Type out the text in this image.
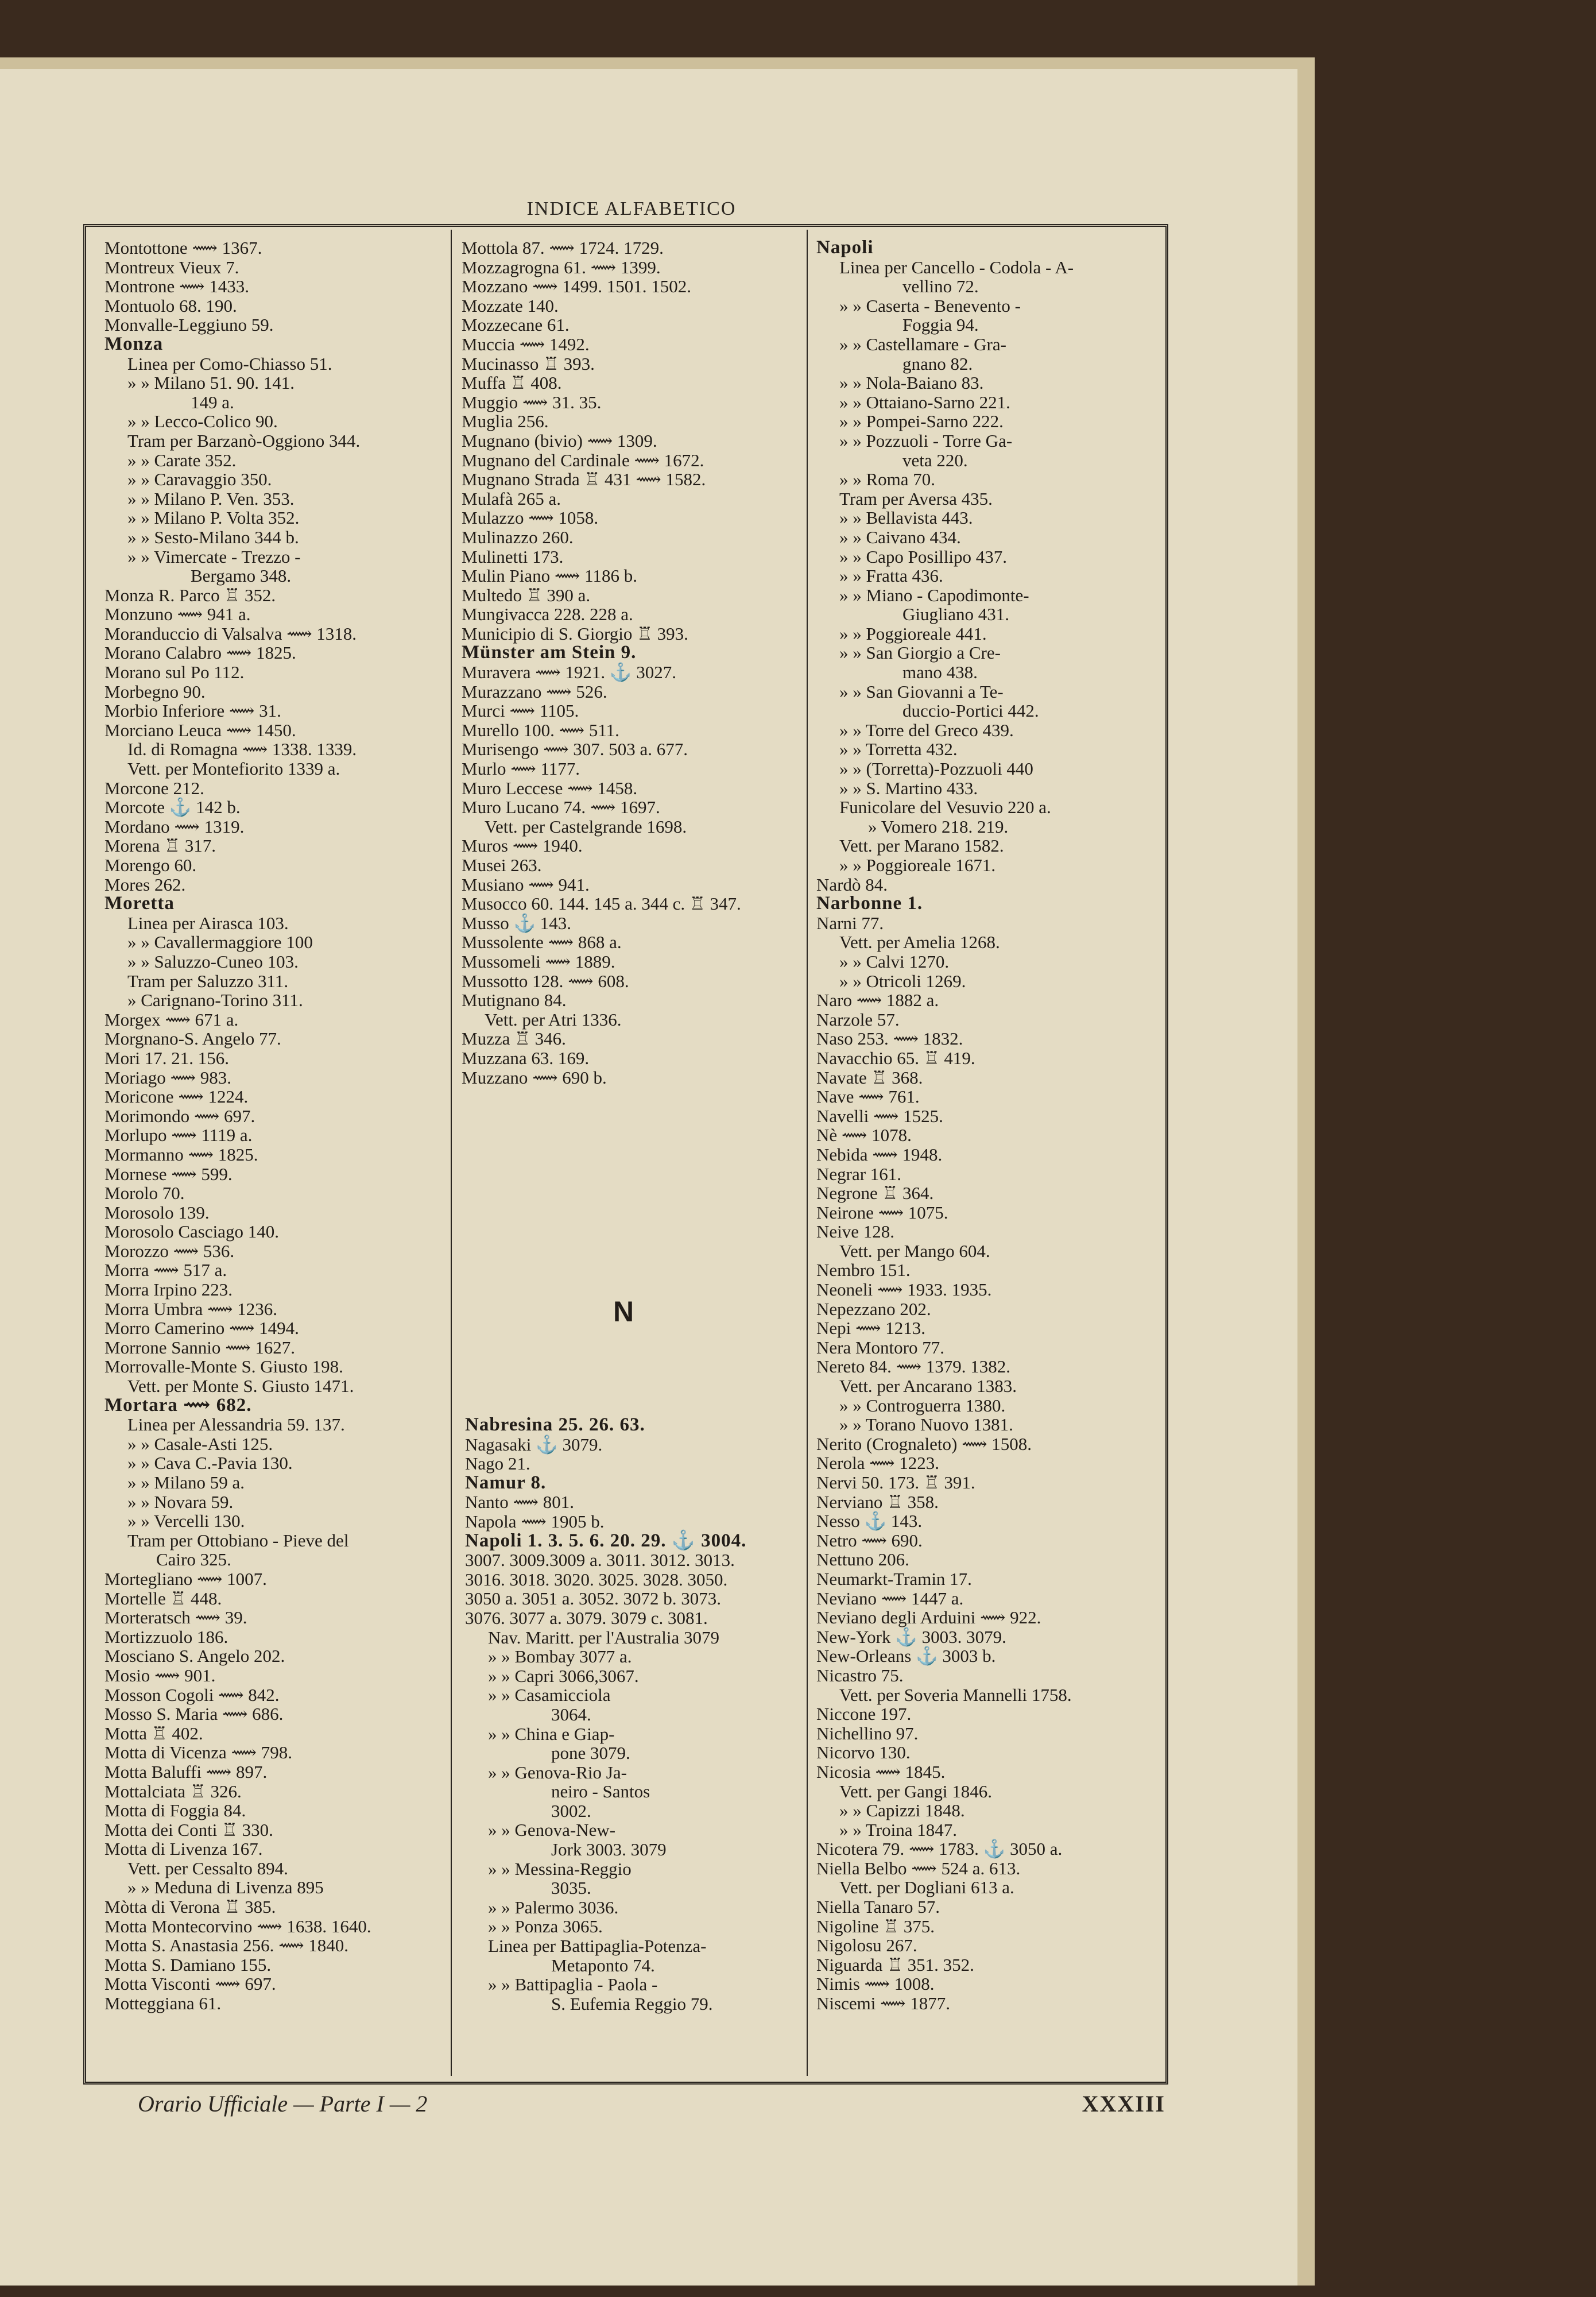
INDICE ALFABETICO
Montottone ⟿ 1367.
Montreux Vieux 7.
Montrone ⟿ 1433.
Montuolo 68. 190.
Monvalle-Leggiuno 59.
Monza
Linea per Como-Chiasso 51.
» » Milano 51. 90. 141.
149 a.
» » Lecco-Colico 90.
Tram per Barzanò-Oggiono 344.
» » Carate 352.
» » Caravaggio 350.
» » Milano P. Ven. 353.
» » Milano P. Volta 352.
» » Sesto-Milano 344 b.
» » Vimercate - Trezzo -
Bergamo 348.
Monza R. Parco ♖ 352.
Monzuno ⟿ 941 a.
Moranduccio di Valsalva ⟿ 1318.
Morano Calabro ⟿ 1825.
Morano sul Po 112.
Morbegno 90.
Morbio Inferiore ⟿ 31.
Morciano Leuca ⟿ 1450.
Id. di Romagna ⟿ 1338. 1339.
Vett. per Montefiorito 1339 a.
Morcone 212.
Morcote ⚓ 142 b.
Mordano ⟿ 1319.
Morena ♖ 317.
Morengo 60.
Mores 262.
Moretta
Linea per Airasca 103.
» » Cavallermaggiore 100
» » Saluzzo-Cuneo 103.
Tram per Saluzzo 311.
» Carignano-Torino 311.
Morgex ⟿ 671 a.
Morgnano-S. Angelo 77.
Mori 17. 21. 156.
Moriago ⟿ 983.
Moricone ⟿ 1224.
Morimondo ⟿ 697.
Morlupo ⟿ 1119 a.
Mormanno ⟿ 1825.
Mornese ⟿ 599.
Morolo 70.
Morosolo 139.
Morosolo Casciago 140.
Morozzo ⟿ 536.
Morra ⟿ 517 a.
Morra Irpino 223.
Morra Umbra ⟿ 1236.
Morro Camerino ⟿ 1494.
Morrone Sannio ⟿ 1627.
Morrovalle-Monte S. Giusto 198.
Vett. per Monte S. Giusto 1471.
Mortara ⟿ 682.
Linea per Alessandria 59. 137.
» » Casale-Asti 125.
» » Cava C.-Pavia 130.
» » Milano 59 a.
» » Novara 59.
» » Vercelli 130.
Tram per Ottobiano - Pieve del
Cairo 325.
Mortegliano ⟿ 1007.
Mortelle ♖ 448.
Morteratsch ⟿ 39.
Mortizzuolo 186.
Mosciano S. Angelo 202.
Mosio ⟿ 901.
Mosson Cogoli ⟿ 842.
Mosso S. Maria ⟿ 686.
Motta ♖ 402.
Motta di Vicenza ⟿ 798.
Motta Baluffi ⟿ 897.
Mottalciata ♖ 326.
Motta di Foggia 84.
Motta dei Conti ♖ 330.
Motta di Livenza 167.
Vett. per Cessalto 894.
» » Meduna di Livenza 895
Mòtta di Verona ♖ 385.
Motta Montecorvino ⟿ 1638. 1640.
Motta S. Anastasia 256. ⟿ 1840.
Motta S. Damiano 155.
Motta Visconti ⟿ 697.
Motteggiana 61.
Mottola 87. ⟿ 1724. 1729.
Mozzagrogna 61. ⟿ 1399.
Mozzano ⟿ 1499. 1501. 1502.
Mozzate 140.
Mozzecane 61.
Muccia ⟿ 1492.
Mucinasso ♖ 393.
Muffa ♖ 408.
Muggio ⟿ 31. 35.
Muglia 256.
Mugnano (bivio) ⟿ 1309.
Mugnano del Cardinale ⟿ 1672.
Mugnano Strada ♖ 431 ⟿ 1582.
Mulafà 265 a.
Mulazzo ⟿ 1058.
Mulinazzo 260.
Mulinetti 173.
Mulin Piano ⟿ 1186 b.
Multedo ♖ 390 a.
Mungivacca 228. 228 a.
Municipio di S. Giorgio ♖ 393.
Münster am Stein 9.
Muravera ⟿ 1921. ⚓ 3027.
Murazzano ⟿ 526.
Murci ⟿ 1105.
Murello 100. ⟿ 511.
Murisengo ⟿ 307. 503 a. 677.
Murlo ⟿ 1177.
Muro Leccese ⟿ 1458.
Muro Lucano 74. ⟿ 1697.
Vett. per Castelgrande 1698.
Muros ⟿ 1940.
Musei 263.
Musiano ⟿ 941.
Musocco 60. 144. 145 a. 344 c. ♖ 347.
Musso ⚓ 143.
Mussolente ⟿ 868 a.
Mussomeli ⟿ 1889.
Mussotto 128. ⟿ 608.
Mutignano 84.
Vett. per Atri 1336.
Muzza ♖ 346.
Muzzana 63. 169.
Muzzano ⟿ 690 b.
Napoli
Linea per Cancello - Codola - A-
vellino 72.
» » Caserta - Benevento -
Foggia 94.
» » Castellamare - Gra-
gnano 82.
» » Nola-Baiano 83.
» » Ottaiano-Sarno 221.
» » Pompei-Sarno 222.
» » Pozzuoli - Torre Ga-
veta 220.
» » Roma 70.
Tram per Aversa 435.
» » Bellavista 443.
» » Caivano 434.
» » Capo Posillipo 437.
» » Fratta 436.
» » Miano - Capodimonte-
Giugliano 431.
» » Poggioreale 441.
» » San Giorgio a Cre-
mano 438.
» » San Giovanni a Te-
duccio-Portici 442.
» » Torre del Greco 439.
» » Torretta 432.
» » (Torretta)-Pozzuoli 440
» » S. Martino 433.
Funicolare del Vesuvio 220 a.
» Vomero 218. 219.
Vett. per Marano 1582.
» » Poggioreale 1671.
Nardò 84.
Narbonne 1.
Narni 77.
Vett. per Amelia 1268.
» » Calvi 1270.
» » Otricoli 1269.
Naro ⟿ 1882 a.
Narzole 57.
Naso 253. ⟿ 1832.
Navacchio 65. ♖ 419.
Navate ♖ 368.
Nave ⟿ 761.
Navelli ⟿ 1525.
Nè ⟿ 1078.
Nebida ⟿ 1948.
Negrar 161.
Negrone ♖ 364.
Neirone ⟿ 1075.
Neive 128.
Vett. per Mango 604.
Nembro 151.
Neoneli ⟿ 1933. 1935.
Nepezzano 202.
Nepi ⟿ 1213.
Nera Montoro 77.
Nereto 84. ⟿ 1379. 1382.
Vett. per Ancarano 1383.
» » Controguerra 1380.
» » Torano Nuovo 1381.
Nerito (Crognaleto) ⟿ 1508.
Nerola ⟿ 1223.
Nervi 50. 173. ♖ 391.
Nerviano ♖ 358.
Nesso ⚓ 143.
Netro ⟿ 690.
Nettuno 206.
Neumarkt-Tramin 17.
Neviano ⟿ 1447 a.
Neviano degli Arduini ⟿ 922.
New-York ⚓ 3003. 3079.
New-Orleans ⚓ 3003 b.
Nicastro 75.
Vett. per Soveria Mannelli 1758.
Niccone 197.
Nichellino 97.
Nicorvo 130.
Nicosia ⟿ 1845.
Vett. per Gangi 1846.
» » Capizzi 1848.
» » Troina 1847.
Nicotera 79. ⟿ 1783. ⚓ 3050 a.
Niella Belbo ⟿ 524 a. 613.
Vett. per Dogliani 613 a.
Niella Tanaro 57.
Nigoline ♖ 375.
Nigolosu 267.
Niguarda ♖ 351. 352.
Nimis ⟿ 1008.
Niscemi ⟿ 1877.
Nabresina 25. 26. 63.
Nagasaki ⚓ 3079.
Nago 21.
Namur 8.
Nanto ⟿ 801.
Napola ⟿ 1905 b.
Napoli 1. 3. 5. 6. 20. 29. ⚓ 3004.
3007. 3009.3009 a. 3011. 3012. 3013.
3016. 3018. 3020. 3025. 3028. 3050.
3050 a. 3051 a. 3052. 3072 b. 3073.
3076. 3077 a. 3079. 3079 c. 3081.
Nav. Maritt. per l'Australia 3079
» » Bombay 3077 a.
» » Capri 3066,3067.
» » Casamicciola
3064.
» » China e Giap-
pone 3079.
» » Genova-Rio Ja-
neiro - Santos
3002.
» » Genova-New-
Jork 3003. 3079
» » Messina-Reggio
3035.
» » Palermo 3036.
» » Ponza 3065.
Linea per Battipaglia-Potenza-
Metaponto 74.
» » Battipaglia - Paola -
S. Eufemia Reggio 79.
N
Orario Ufficiale — Parte I — 2	XXXIII
